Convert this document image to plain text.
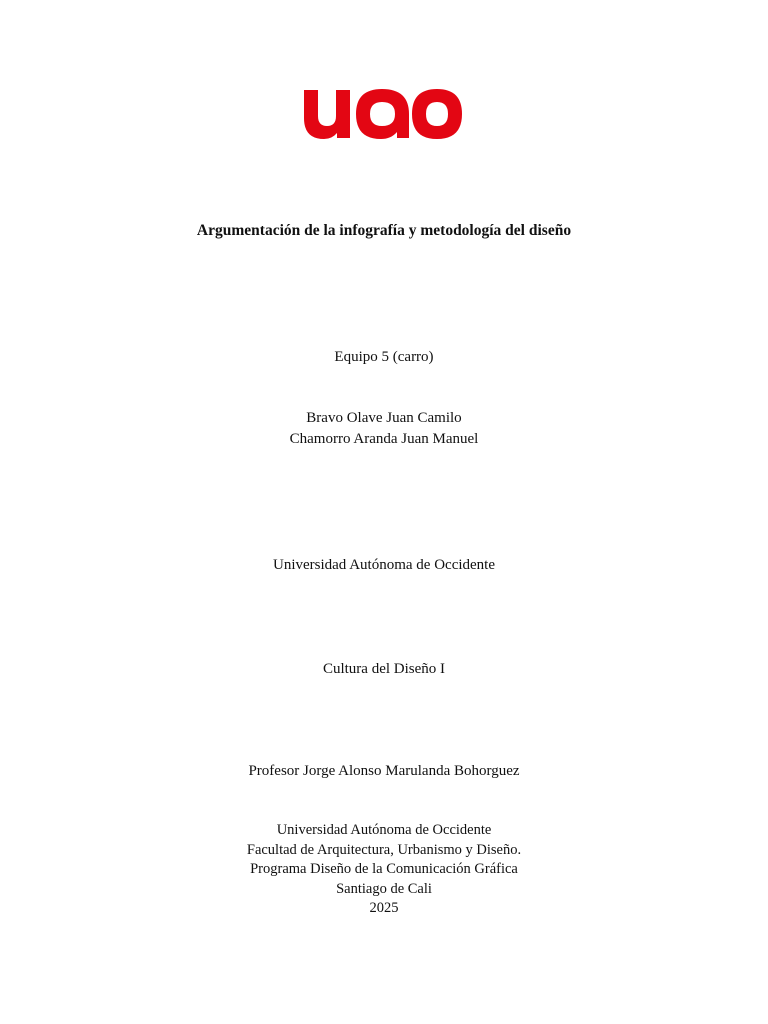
Argumentación de la infografía y metodología del diseño
Equipo 5 (carro)
Bravo Olave Juan Camilo
Chamorro Aranda Juan Manuel
Universidad Autónoma de Occidente
Cultura del Diseño I
Profesor Jorge Alonso Marulanda Bohorguez
Universidad Autónoma de Occidente
Facultad de Arquitectura, Urbanismo y Diseño.
Programa Diseño de la Comunicación Gráfica
Santiago de Cali
2025
